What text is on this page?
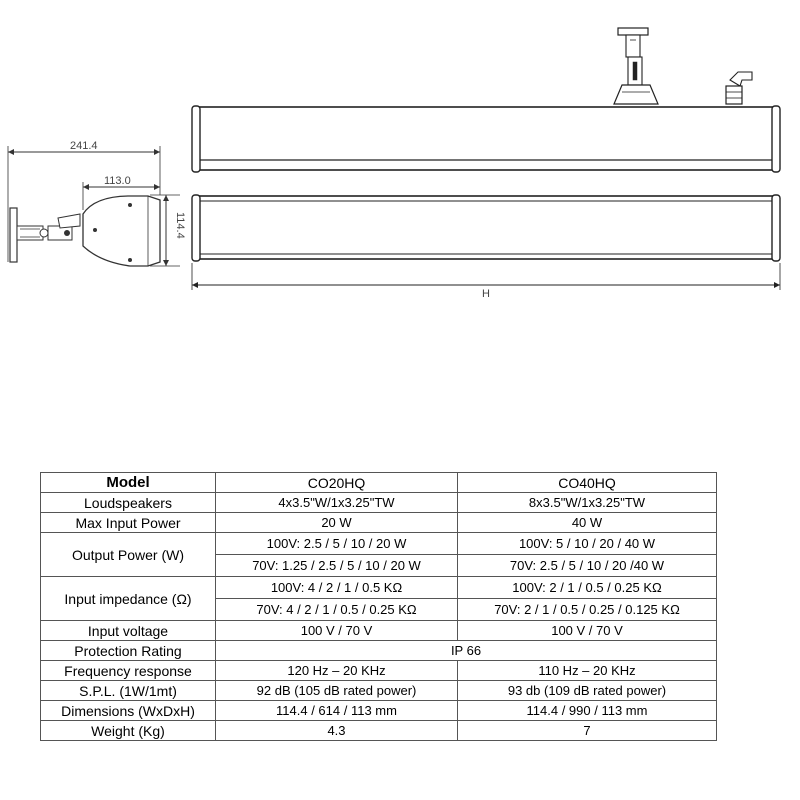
241.4
113.0
114.4
H
Model	CO20HQ	CO40HQ
Loudspeakers	4x3.5"W/1x3.25"TW	8x3.5"W/1x3.25"TW
Max Input Power	20 W	40 W
Output Power (W)	100V: 2.5 / 5 / 10 / 20 W	100V: 5 / 10 / 20 / 40 W
	70V: 1.25 / 2.5 / 5 / 10 / 20 W	70V: 2.5 / 5 / 10 / 20 /40 W
Input impedance (Ω)	100V: 4 / 2 / 1 / 0.5 KΩ	100V: 2 / 1 / 0.5 / 0.25 KΩ
	70V: 4 / 2 / 1 / 0.5 / 0.25 KΩ	70V: 2 / 1 / 0.5 / 0.25 / 0.125 KΩ
Input voltage	100 V / 70 V	100 V / 70 V
Protection Rating	IP 66	
Frequency response	120 Hz – 20 KHz	110 Hz – 20 KHz
S.P.L. (1W/1mt)	92 dB (105 dB rated power)	93 db (109 dB rated power)
Dimensions (WxDxH)	114.4 / 614 / 113 mm	114.4 / 990 / 113 mm
Weight (Kg)	4.3	7
